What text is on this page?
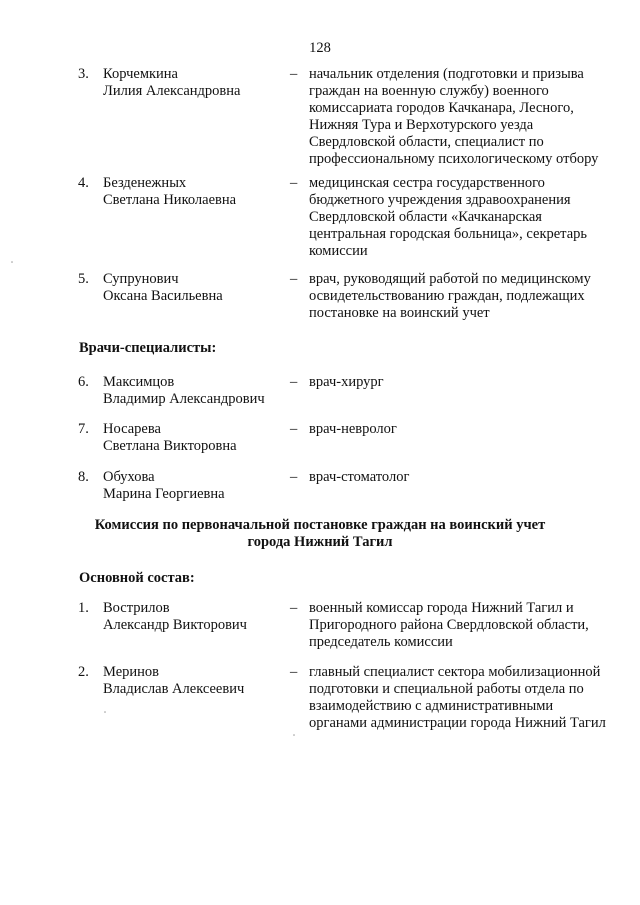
128
3. Корчемкина
Лилия Александровна
– начальник отделения (подготовки и призыва
граждан на военную службу) военного
комиссариата городов Качканара, Лесного,
Нижняя Тура и Верхотурского уезда
Свердловской области, специалист по
профессиональному психологическому отбору
4. Безденежных
Светлана Николаевна
– медицинская сестра государственного
бюджетного учреждения здравоохранения
Свердловской области «Качканарская
центральная городская больница», секретарь
комиссии
5. Супрунович
Оксана Васильевна
– врач, руководящий работой по медицинскому
освидетельствованию граждан, подлежащих
постановке на воинский учет
Врачи-специалисты:
6. Максимцов
Владимир Александрович
– врач-хирург
7. Носарева
Светлана Викторовна
– врач-невролог
8. Обухова
Марина Георгиевна
– врач-стоматолог
Комиссия по первоначальной постановке граждан на воинский учет
города Нижний Тагил
Основной состав:
1. Вострилов
Александр Викторович
– военный комиссар города Нижний Тагил и
Пригородного района Свердловской области,
председатель комиссии
2. Меринов
Владислав Алексеевич
– главный специалист сектора мобилизационной
подготовки и специальной работы отдела по
взаимодействию с административными
органами администрации города Нижний Тагил
